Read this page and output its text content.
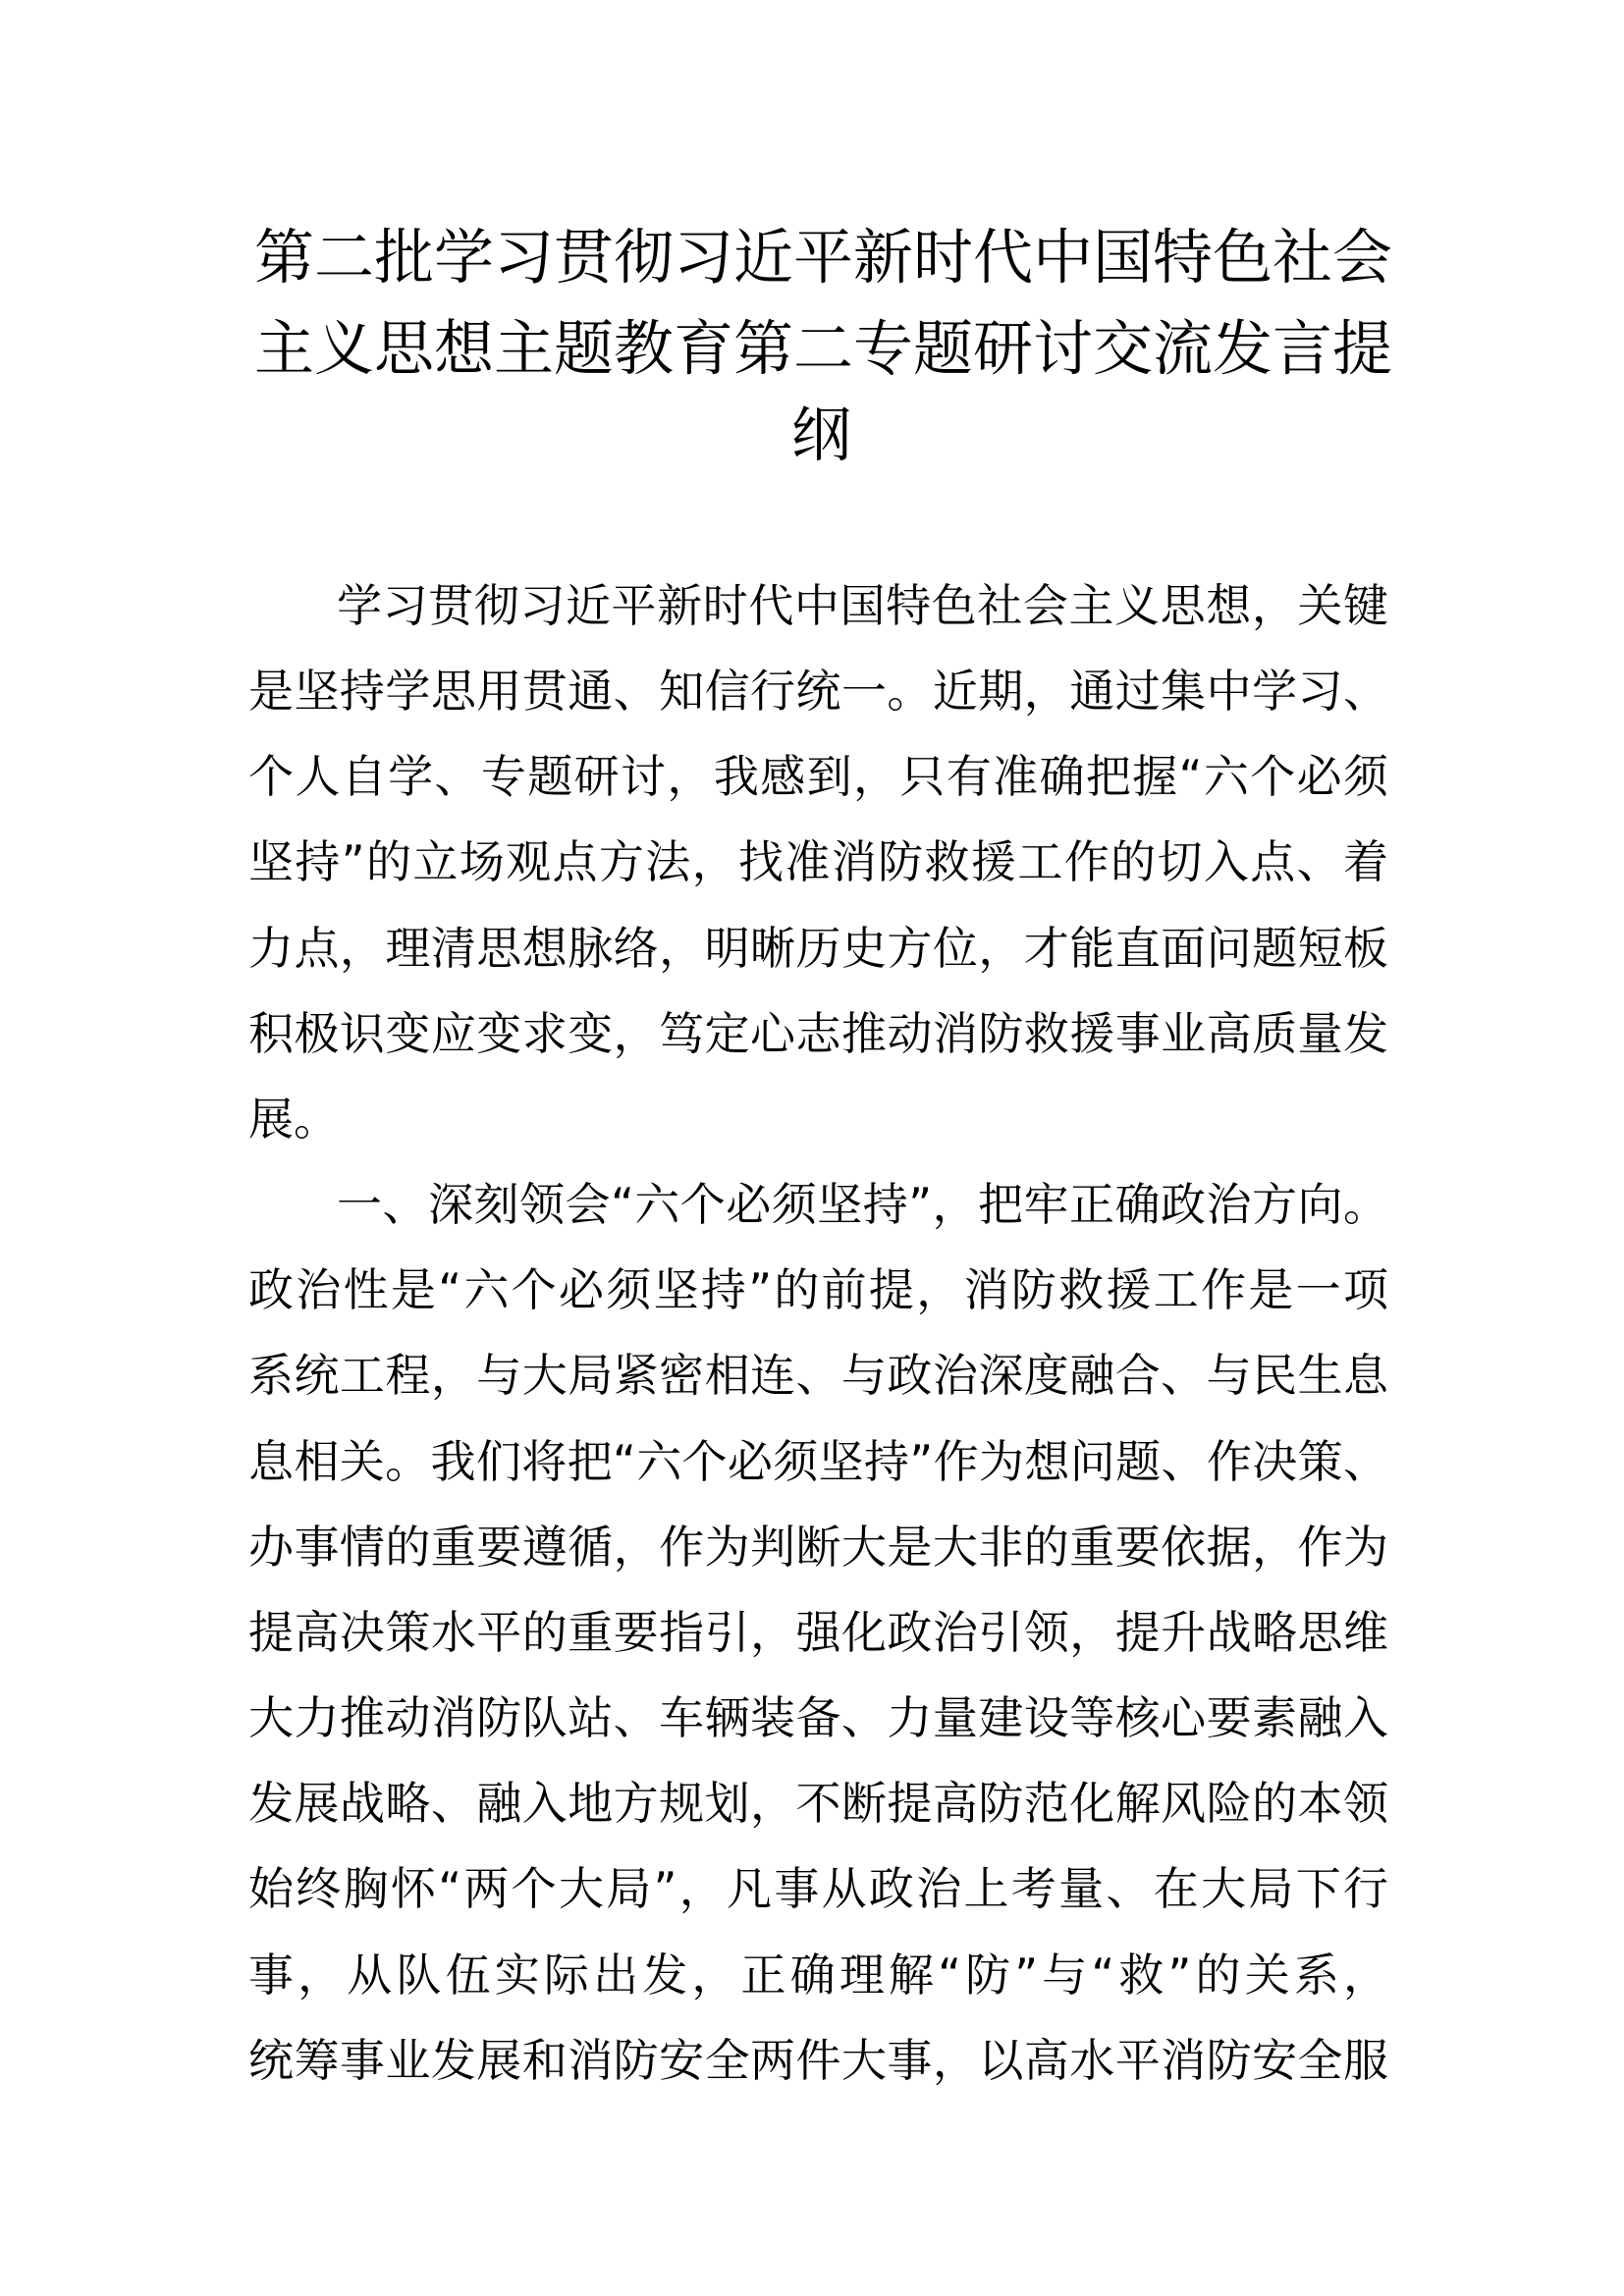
第二批学习贯彻习近平新时代中国特色社会
主义思想主题教育第二专题研讨交流发言提
纲
学习贯彻习近平新时代中国特色社会主义思想，关键
是坚持学思用贯通、知信行统一。近期，通过集中学习、
个人自学、专题研讨，我感到，只有准确把握“六个必须
坚持”的立场观点方法，找准消防救援工作的切入点、着
力点，理清思想脉络，明晰历史方位，才能直面问题短板
积极识变应变求变，笃定心志推动消防救援事业高质量发
展。
一、深刻领会“六个必须坚持”，把牢正确政治方向。
政治性是“六个必须坚持”的前提，消防救援工作是一项
系统工程，与大局紧密相连、与政治深度融合、与民生息
息相关。我们将把“六个必须坚持”作为想问题、作决策、
办事情的重要遵循，作为判断大是大非的重要依据，作为
提高决策水平的重要指引，强化政治引领，提升战略思维
大力推动消防队站、车辆装备、力量建设等核心要素融入
发展战略、融入地方规划，不断提高防范化解风险的本领
始终胸怀“两个大局”，凡事从政治上考量、在大局下行
事，从队伍实际出发，正确理解“防”与“救”的关系，
统筹事业发展和消防安全两件大事，以高水平消防安全服
